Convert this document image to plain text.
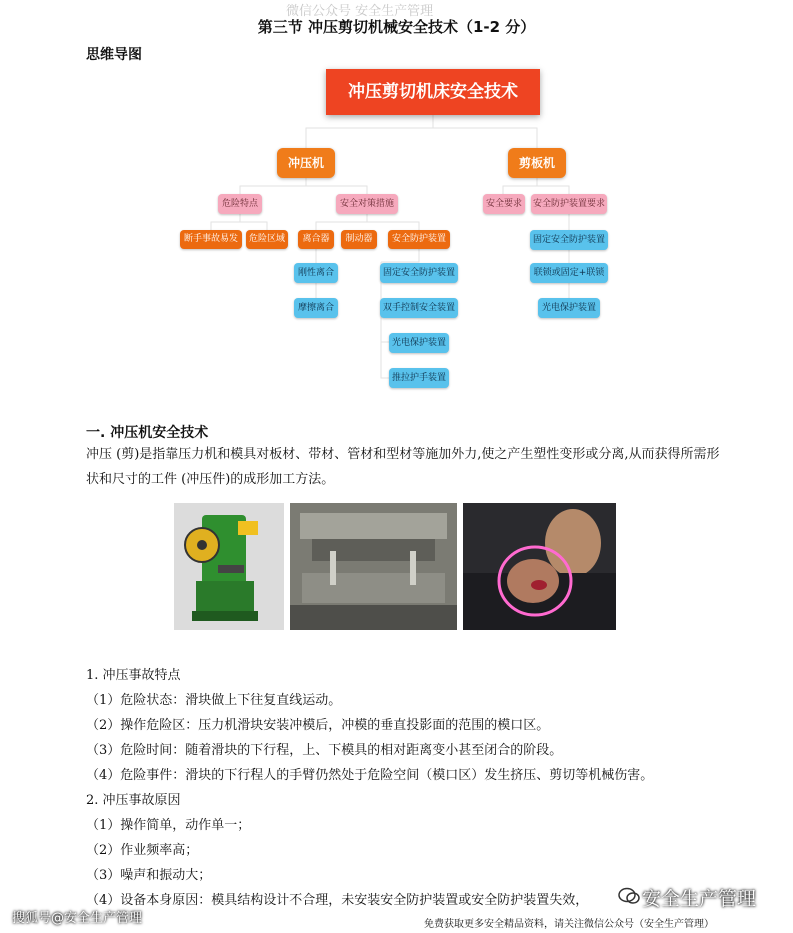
微信公众号 安全生产管理
第三节 冲压剪切机械安全技术（1-2 分）
思维导图
冲压剪切机床安全技术
冲压机	剪板机
危险特点	安全对策措施	安全要求	安全防护装置要求
断手事故易发	危险区域	离合器	制动器	安全防护装置	固定安全防护装置
刚性离合
摩擦离合
固定安全防护装置
双手控制安全装置
光电保护装置
推拉护手装置
联锁或固定+联锁
光电保护装置
一. 冲压机安全技术
冲压 (剪)是指靠压力机和模具对板材、带材、管材和型材等施加外力,使之产生塑性变形或分离,从而获得所需形状和尺寸的工件 (冲压件)的成形加工方法。
1. 冲压事故特点
（1）危险状态：滑块做上下往复直线运动。
（2）操作危险区：压力机滑块安装冲模后，冲模的垂直投影面的范围的模口区。
（3）危险时间：随着滑块的下行程，上、下模具的相对距离变小甚至闭合的阶段。
（4）危险事件：滑块的下行程人的手臂仍然处于危险空间（模口区）发生挤压、剪切等机械伤害。
2. 冲压事故原因
（1）操作简单，动作单一；
（2）作业频率高；
（3）噪声和振动大；
（4）设备本身原因：模具结构设计不合理，未安装安全防护装置或安全防护装置失效，	安全生产管理
搜狐号@安全生产管理	免费获取更多安全精品资料，请关注微信公众号（安全生产管理）
